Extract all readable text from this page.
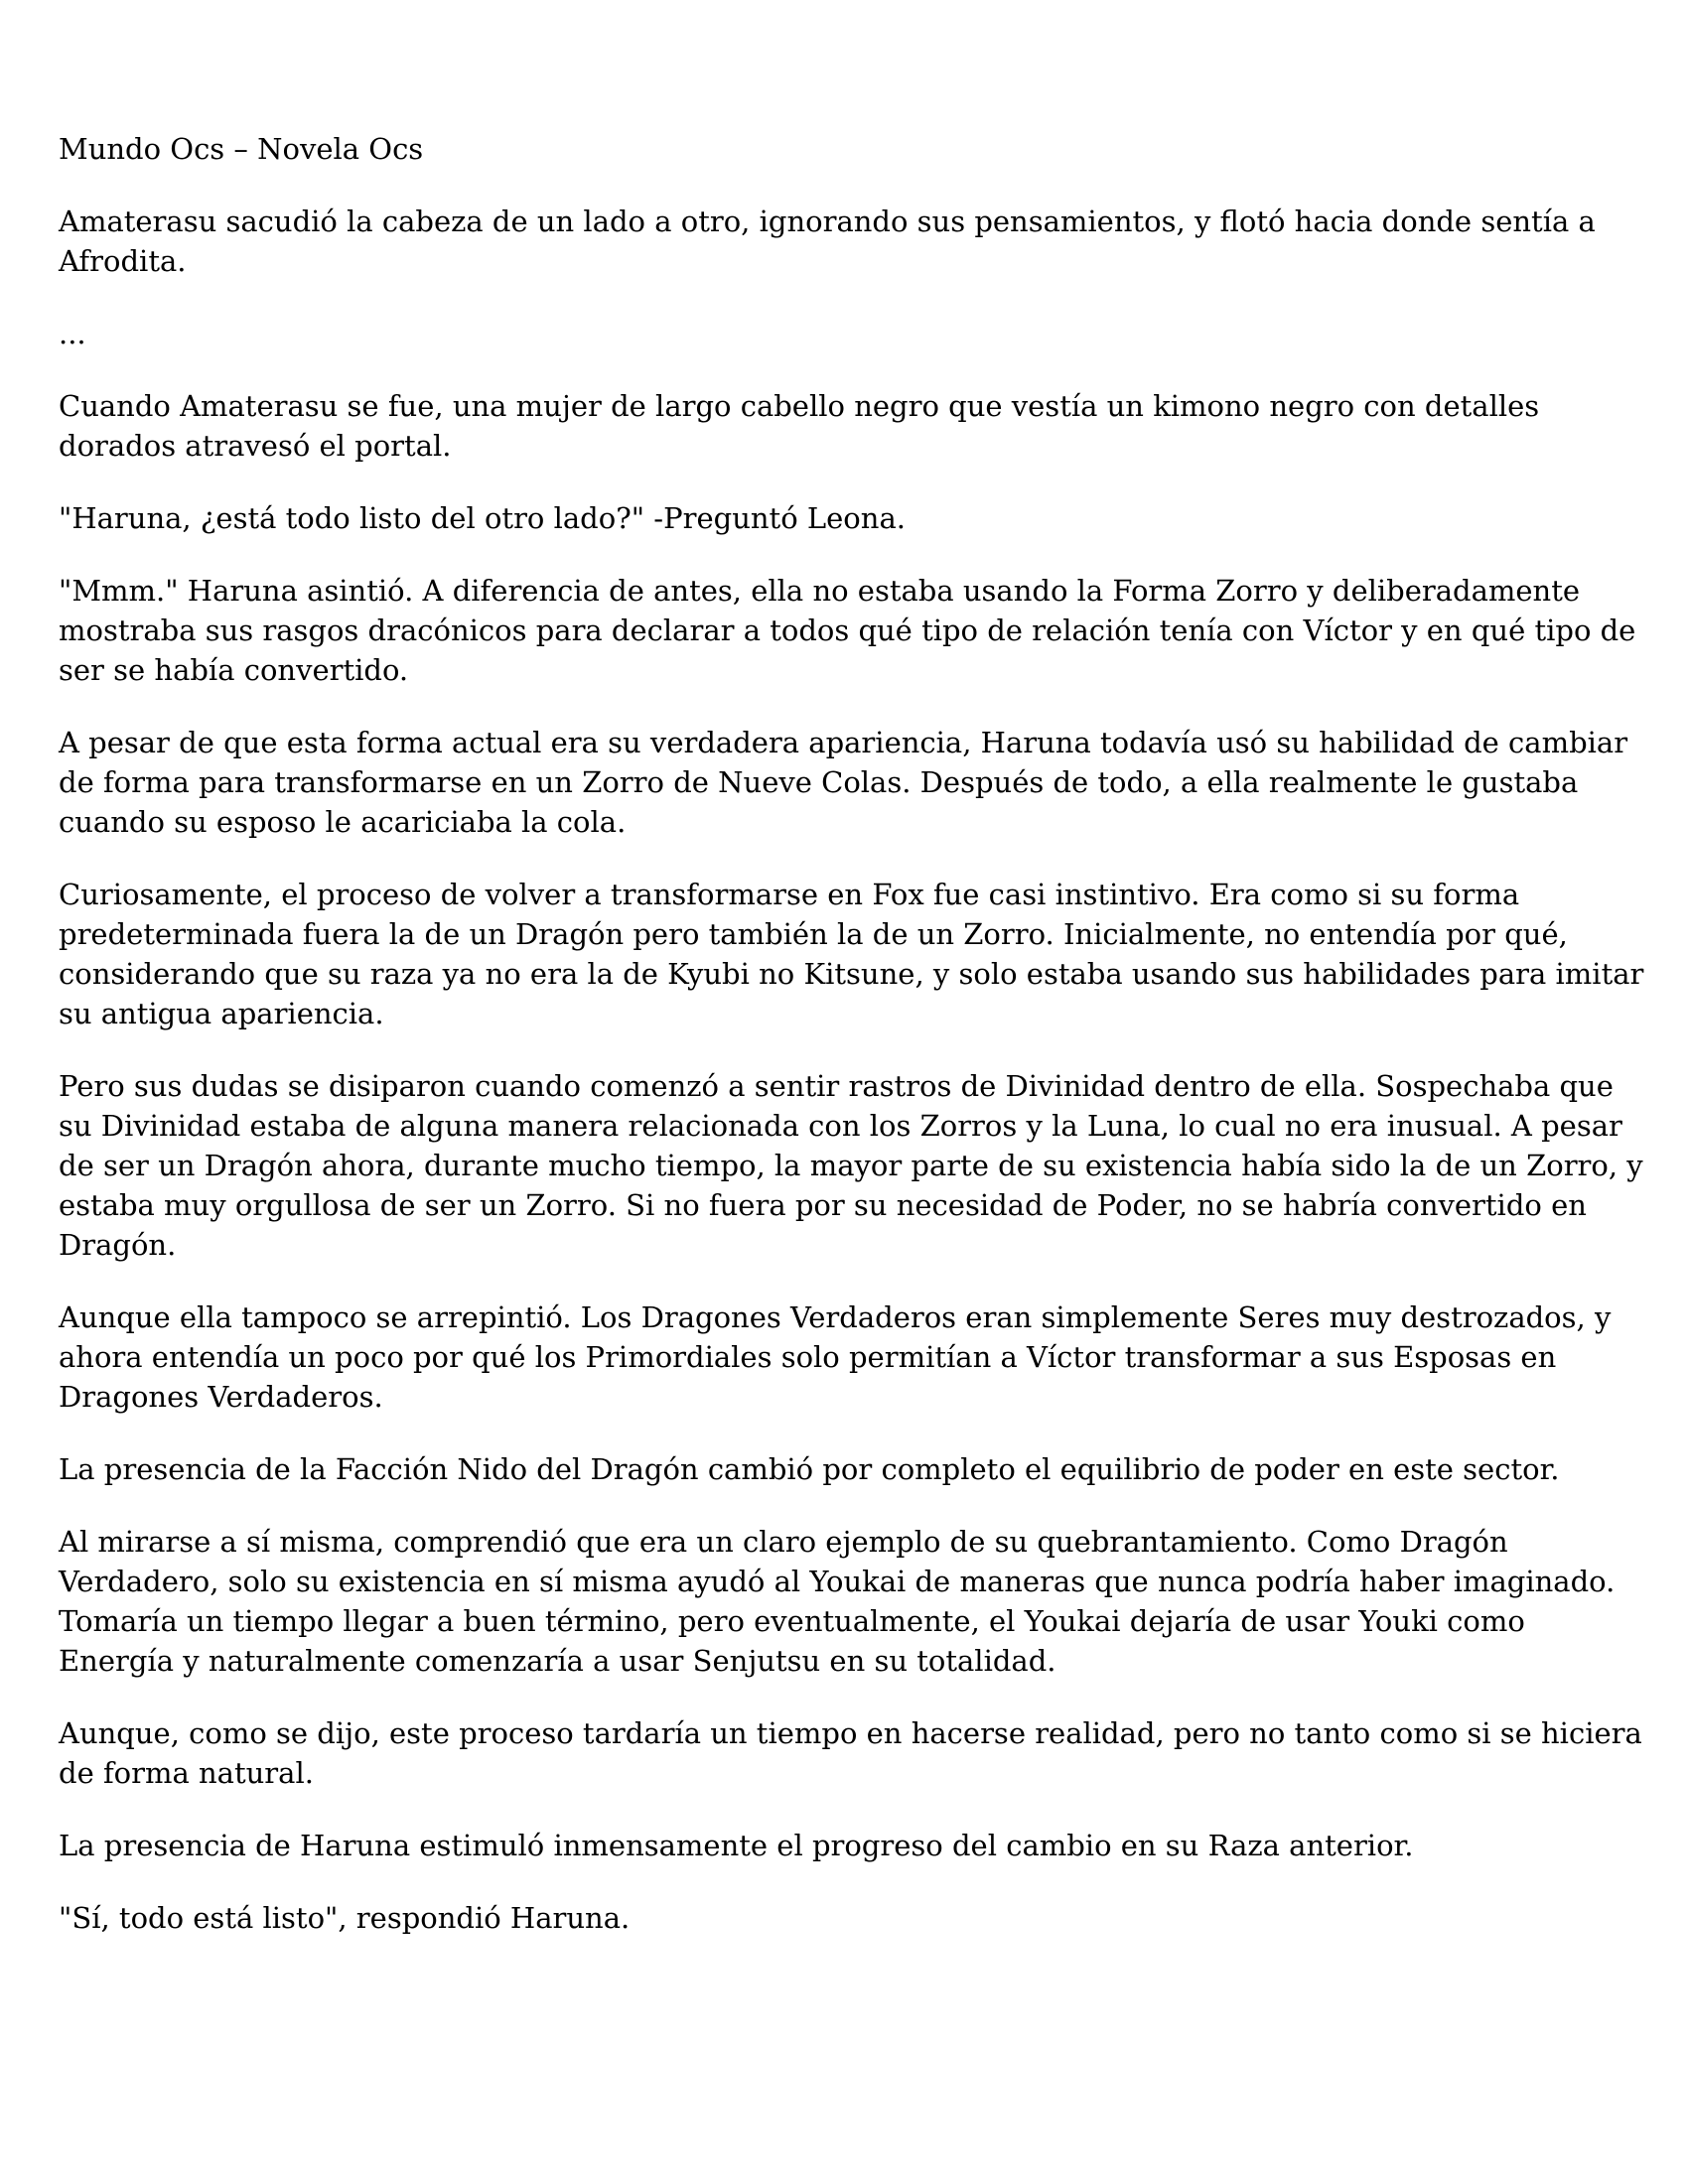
Mundo Ocs – Novela Ocs

Amaterasu sacudió la cabeza de un lado a otro, ignorando sus pensamientos, y flotó hacia donde sentía a Afrodita.

...

Cuando Amaterasu se fue, una mujer de largo cabello negro que vestía un kimono negro con detalles dorados atravesó el portal.

"Haruna, ¿está todo listo del otro lado?" -Preguntó Leona.

"Mmm." Haruna asintió. A diferencia de antes, ella no estaba usando la Forma Zorro y deliberadamente mostraba sus rasgos dracónicos para declarar a todos qué tipo de relación tenía con Víctor y en qué tipo de ser se había convertido.

A pesar de que esta forma actual era su verdadera apariencia, Haruna todavía usó su habilidad de cambiar de forma para transformarse en un Zorro de Nueve Colas. Después de todo, a ella realmente le gustaba cuando su esposo le acariciaba la cola.

Curiosamente, el proceso de volver a transformarse en Fox fue casi instintivo. Era como si su forma predeterminada fuera la de un Dragón pero también la de un Zorro. Inicialmente, no entendía por qué, considerando que su raza ya no era la de Kyubi no Kitsune, y solo estaba usando sus habilidades para imitar su antigua apariencia.

Pero sus dudas se disiparon cuando comenzó a sentir rastros de Divinidad dentro de ella. Sospechaba que su Divinidad estaba de alguna manera relacionada con los Zorros y la Luna, lo cual no era inusual. A pesar de ser un Dragón ahora, durante mucho tiempo, la mayor parte de su existencia había sido la de un Zorro, y estaba muy orgullosa de ser un Zorro. Si no fuera por su necesidad de Poder, no se habría convertido en Dragón.

Aunque ella tampoco se arrepintió. Los Dragones Verdaderos eran simplemente Seres muy destrozados, y ahora entendía un poco por qué los Primordiales solo permitían a Víctor transformar a sus Esposas en Dragones Verdaderos.

La presencia de la Facción Nido del Dragón cambió por completo el equilibrio de poder en este sector.

Al mirarse a sí misma, comprendió que era un claro ejemplo de su quebrantamiento. Como Dragón Verdadero, solo su existencia en sí misma ayudó al Youkai de maneras que nunca podría haber imaginado. Tomaría un tiempo llegar a buen término, pero eventualmente, el Youkai dejaría de usar Youki como Energía y naturalmente comenzaría a usar Senjutsu en su totalidad.

Aunque, como se dijo, este proceso tardaría un tiempo en hacerse realidad, pero no tanto como si se hiciera de forma natural.

La presencia de Haruna estimuló inmensamente el progreso del cambio en su Raza anterior.

"Sí, todo está listo", respondió Haruna.
